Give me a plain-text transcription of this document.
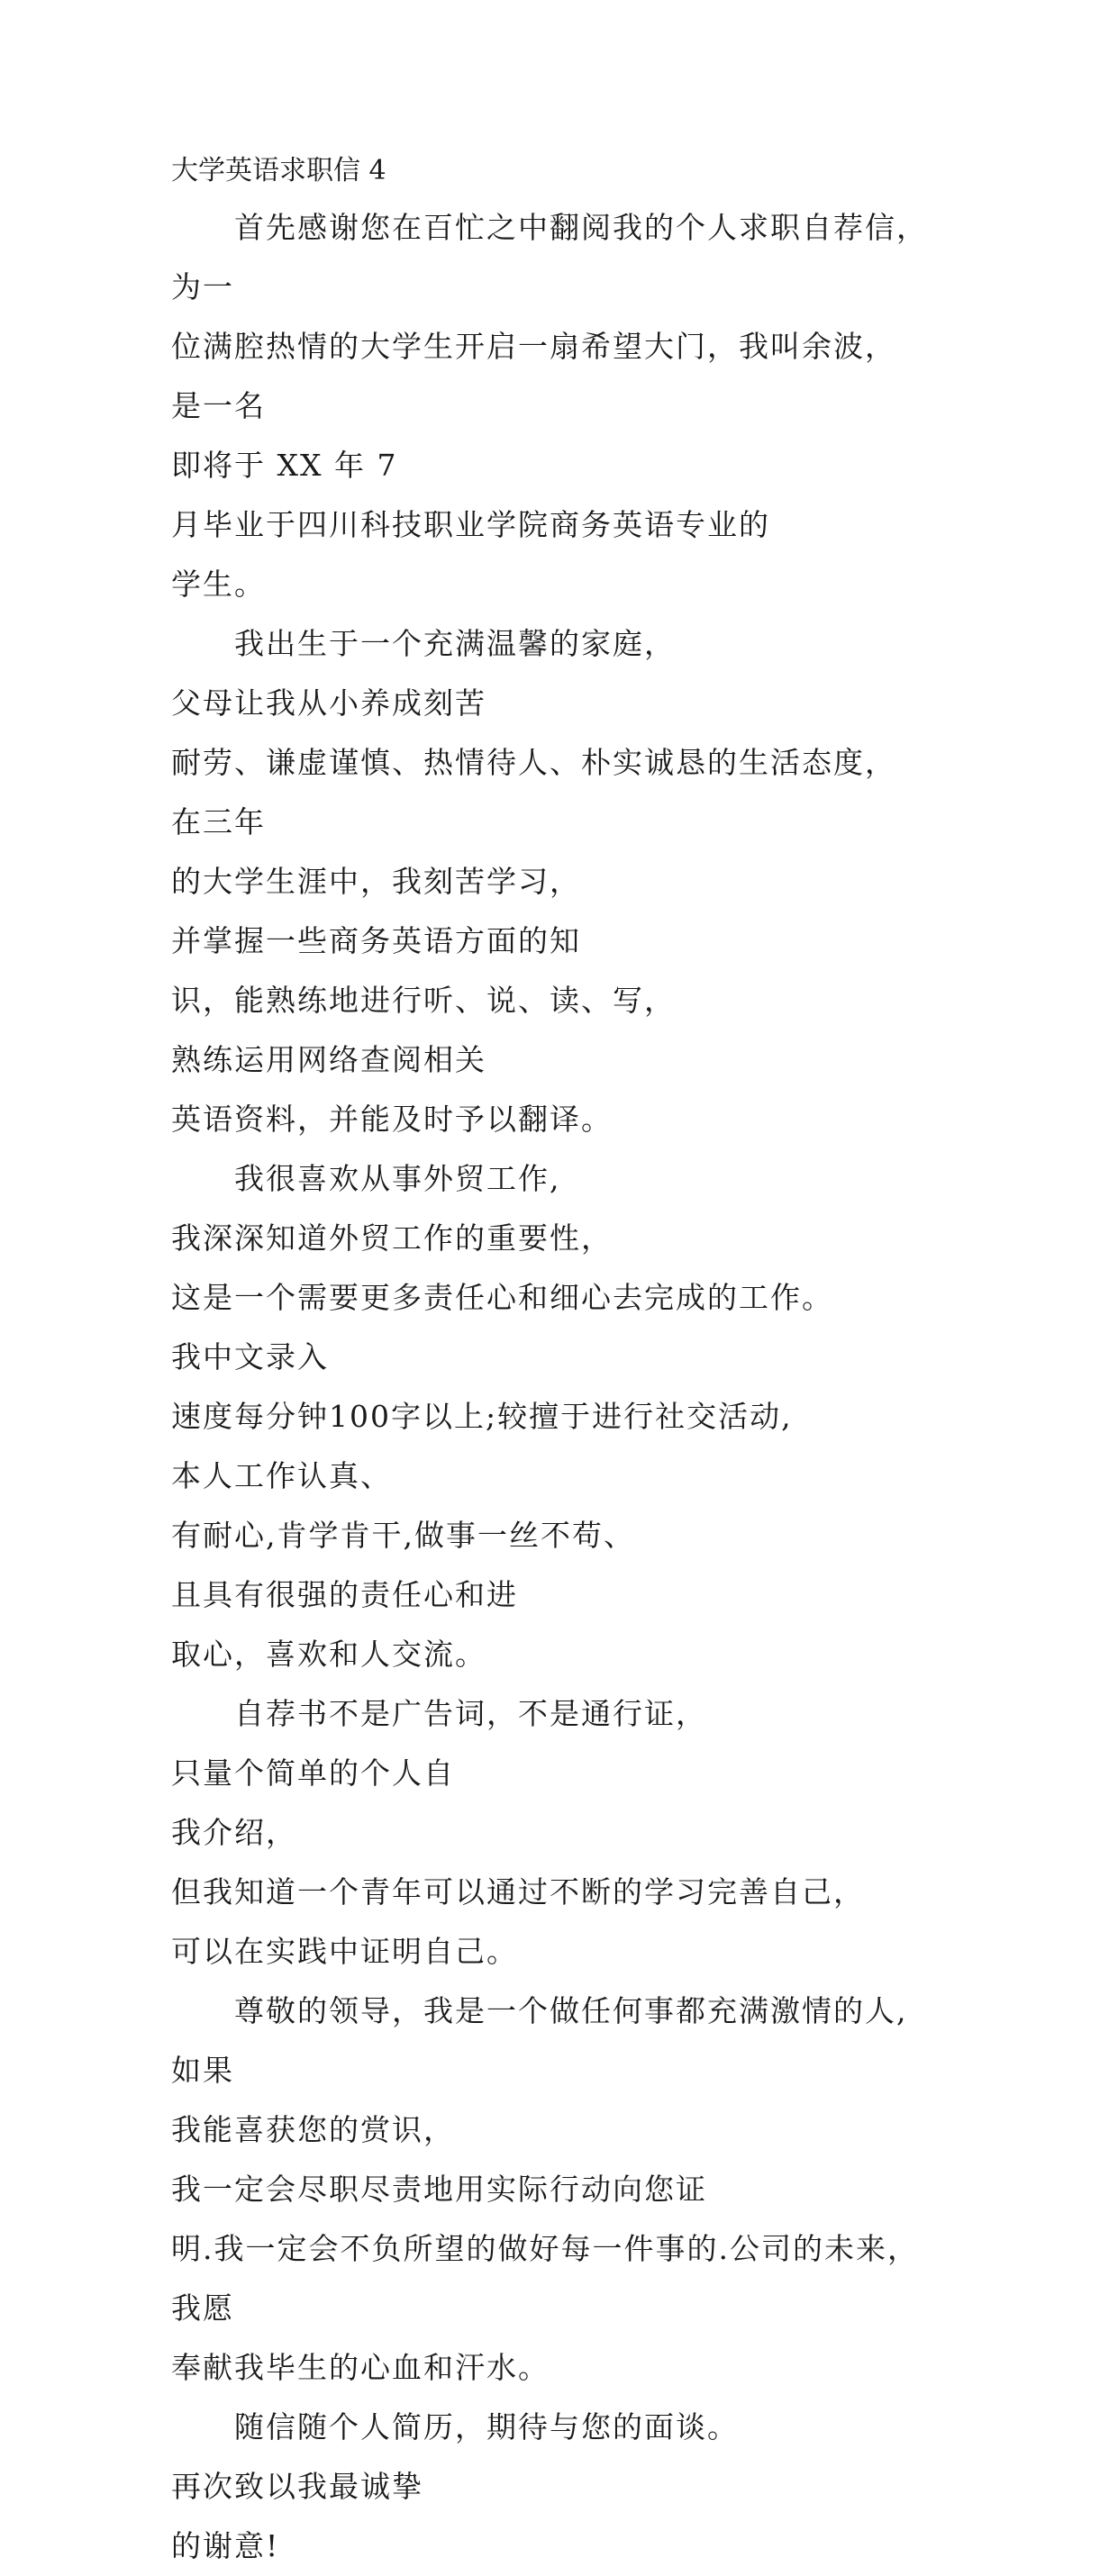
大学英语求职信 4

　　首先感谢您在百忙之中翻阅我的个人求职自荐信，为一
位满腔热情的大学生开启一扇希望大门，我叫余波，是一名
即将于 XX 年 7 月毕业于四川科技职业学院商务英语专业的
学生。

　　我出生于一个充满温馨的家庭，父母让我从小养成刻苦
耐劳、谦虚谨慎、热情待人、朴实诚恳的生活态度，在三年
的大学生涯中，我刻苦学习，并掌握一些商务英语方面的知
识，能熟练地进行听、说、读、写，熟练运用网络查阅相关
英语资料，并能及时予以翻译。

　　我很喜欢从事外贸工作,我深深知道外贸工作的重要性，
这是一个需要更多责任心和细心去完成的工作。我中文录入
速度每分钟100字以上;较擅于进行社交活动,本人工作认真、
有耐心,肯学肯干,做事一丝不苟、且具有很强的责任心和进
取心，喜欢和人交流。

　　自荐书不是广告词，不是通行证，只量个简单的个人自
我介绍，但我知道一个青年可以通过不断的学习完善自己，
可以在实践中证明自己。

　　尊敬的领导，我是一个做任何事都充满激情的人,如果
我能喜获您的赏识，我一定会尽职尽责地用实际行动向您证
明.我一定会不负所望的做好每一件事的.公司的未来，我愿
奉献我毕生的心血和汗水。

　　随信随个人简历，期待与您的面谈。再次致以我最诚挚
的谢意!
